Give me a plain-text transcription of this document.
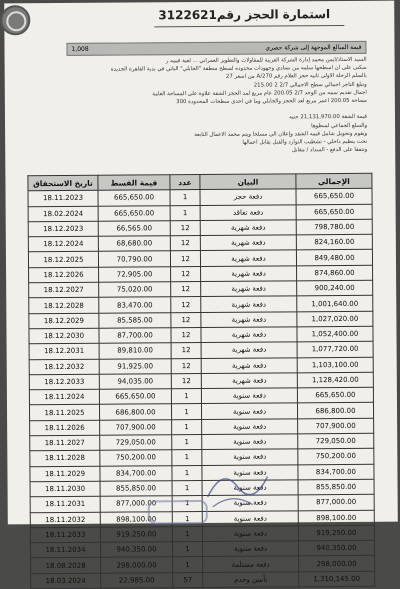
استمارة الحجز رقم3122621
قيمة المبالغ الموجهة إلى شركة حصري
1,008
السيد الاستاذ/ايمن محمد إدارة الشركة العربية للمقاولات والتطوير العمراني ... لعية فيمه ر
سكنى على ان اسطحها سلمه من نسادي وجهودات محدوده لسطح منطقة "الجابلي" الباني في بدية القاهرة الجديدة
بالسلم الرحلة الاولى ثانيه حجز العلام رقم A/270 من اسعر 27
وتبلغ التاجر اجمالي سطح الاجمالي 2/7 2 215.00
اجمال تقديم سمه من الوجد 2/7 200.05 عام مربع لمد الحجز الشقة علاوة على المساحة العامة
مساحة 200.05 اعمر مربع لعد الحجز والجابلي وما في احدى سطحات المحدودة 300
قيمة الشقة 21,131,970.00 جنيه
والسلع الجماعي لسطوها
ويقوم وتحويل شامل قيمه الشقد وإعلان الي مسلحا ويتم محمد الاعمال التابعة
تحت ينظيم داخلي - تشطيب التوارد والقبل يقابل اعمالها
وتتفقا على الدفع - السداد / مقابل
تاريخ الاستحقاق	قيمة القسط	عدد	البيان	الإجمالي
18.11.2023	665,650.00	1	دفعة حجز	665,650.00
18.02.2024	665,650.00	1	دفعة تعاقد	665,650.00
18.12.2023	66,565.00	12	دفعة شهرية	798,780.00
18.12.2024	68,680.00	12	دفعة شهرية	824,160.00
18.12.2025	70,790.00	12	دفعة شهرية	849,480.00
18.12.2026	72,905.00	12	دفعة شهرية	874,860.00
18.12.2027	75,020.00	12	دفعة شهرية	900,240.00
18.12.2028	83,470.00	12	دفعة شهرية	1,001,640.00
18.12.2029	85,585.00	12	دفعة شهرية	1,027,020.00
18.12.2030	87,700.00	12	دفعة شهرية	1,052,400.00
18.12.2031	89,810.00	12	دفعة شهرية	1,077,720.00
18.12.2032	91,925.00	12	دفعة شهرية	1,103,100.00
18.12.2033	94,035.00	12	دفعة شهرية	1,128,420.00
18.11.2024	665,650.00	1	دفعة سنوية	665,650.00
18.11.2025	686,800.00	1	دفعة سنوية	686,800.00
18.11.2026	707,900.00	1	دفعة سنوية	707,900.00
18.11.2027	729,050.00	1	دفعة سنوية	729,050.00
18.11.2028	750,200.00	1	دفعة سنوية	750,200.00
18.11.2029	834,700.00	1	دفعة سنوية	834,700.00
18.11.2030	855,850.00	1	دفعة سنوية	855,850.00
18.11.2031	877,000.00	1	دفعة سنوية	877,000.00
18.11.2032	898,100.00	1	دفعة سنوية	898,100.00
18.11.2033	919,250.00	1	دفعة سنوية	919,250.00
18.11.2034	940,350.00	1	دفعة سنوية	940,350.00
18.08.2028	298,000.00	1	دفعة مستلمة	298,000.00
18.03.2024	22,985.00	57	تأمين وخدم	1,310,145.00
